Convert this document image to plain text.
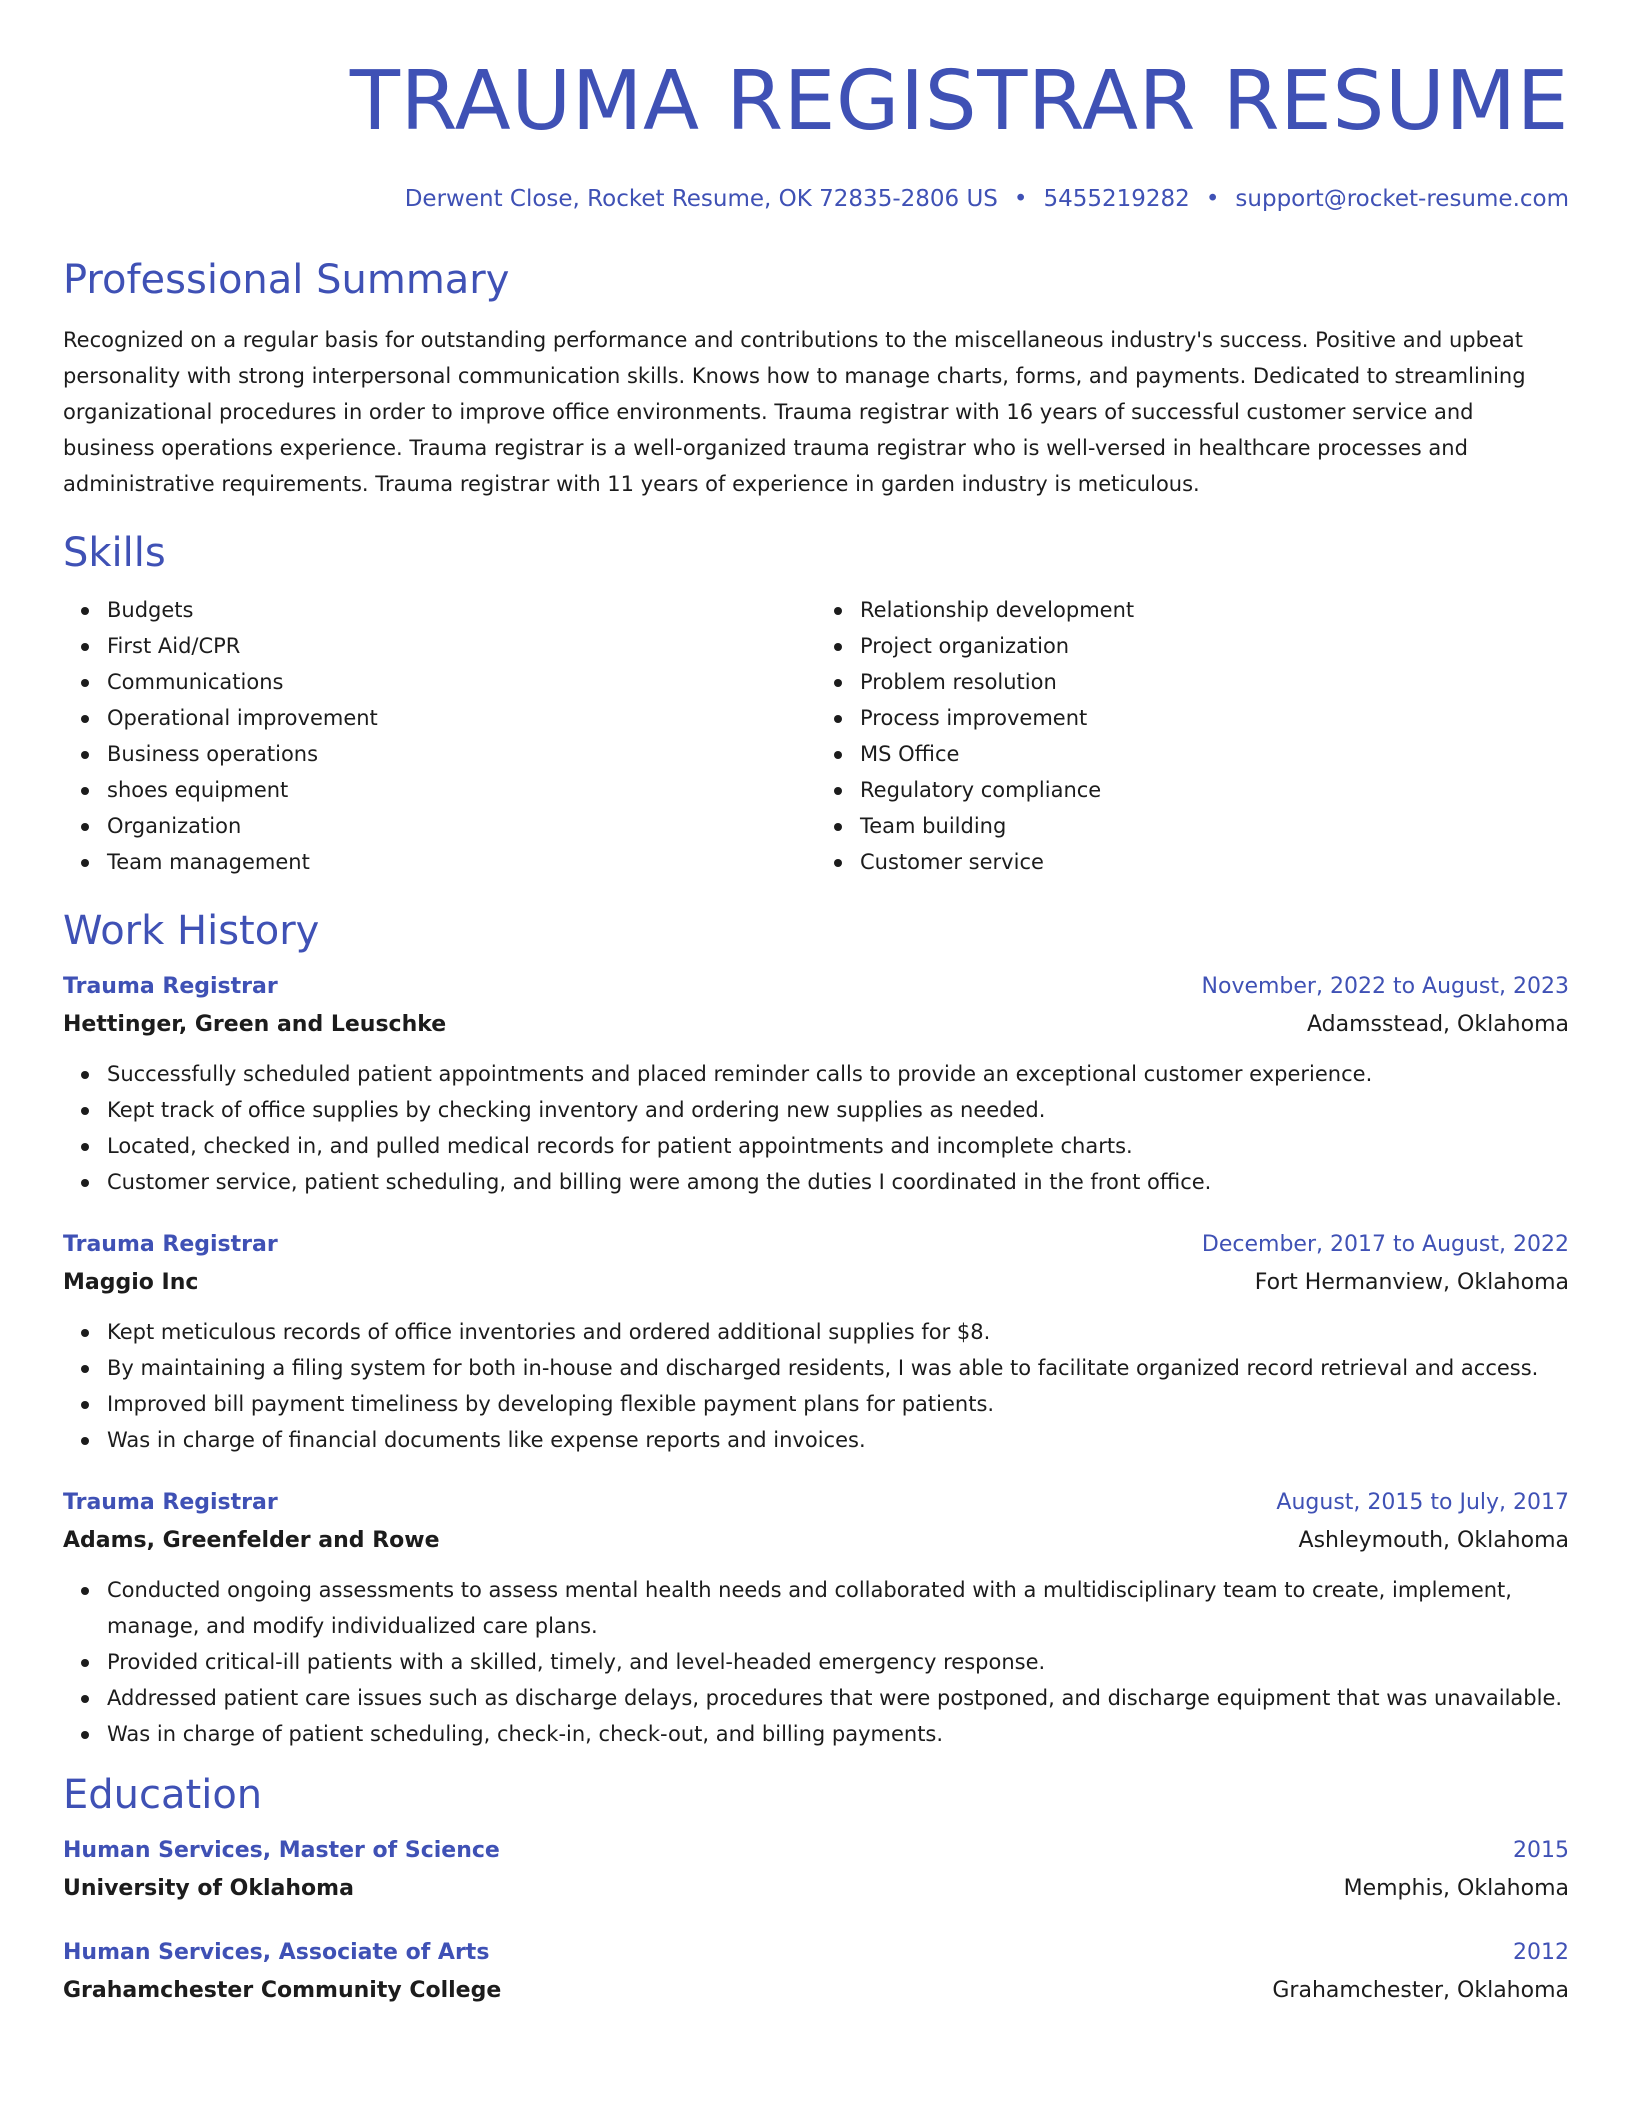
TRAUMA REGISTRAR RESUME
Derwent Close, Rocket Resume, OK 72835-2806 US • 5455219282 • support@rocket-resume.com
Professional Summary

Recognized on a regular basis for outstanding performance and contributions to the miscellaneous industry's success. Positive and upbeat personality with strong interpersonal communication skills. Knows how to manage charts, forms, and payments. Dedicated to streamlining organizational procedures in order to improve office environments. Trauma registrar with 16 years of successful customer service and business operations experience. Trauma registrar is a well-organized trauma registrar who is well-versed in healthcare processes and administrative requirements. Trauma registrar with 11 years of experience in garden industry is meticulous.

Skills
Budgets
First Aid/CPR
Communications
Operational improvement
Business operations
shoes equipment
Organization
Team management
Relationship development
Project organization
Problem resolution
Process improvement
MS Office
Regulatory compliance
Team building
Customer service
Work History
Trauma Registrar	November, 2022 to August, 2023
Hettinger, Green and Leuschke	Adamsstead, Oklahoma
Successfully scheduled patient appointments and placed reminder calls to provide an exceptional customer experience.
Kept track of office supplies by checking inventory and ordering new supplies as needed.
Located, checked in, and pulled medical records for patient appointments and incomplete charts.
Customer service, patient scheduling, and billing were among the duties I coordinated in the front office.
Trauma Registrar	December, 2017 to August, 2022
Maggio Inc	Fort Hermanview, Oklahoma
Kept meticulous records of office inventories and ordered additional supplies for $8.
By maintaining a filing system for both in-house and discharged residents, I was able to facilitate organized record retrieval and access.
Improved bill payment timeliness by developing flexible payment plans for patients.
Was in charge of financial documents like expense reports and invoices.
Trauma Registrar	August, 2015 to July, 2017
Adams, Greenfelder and Rowe	Ashleymouth, Oklahoma
Conducted ongoing assessments to assess mental health needs and collaborated with a multidisciplinary team to create, implement, manage, and modify individualized care plans.
Provided critical-ill patients with a skilled, timely, and level-headed emergency response.
Addressed patient care issues such as discharge delays, procedures that were postponed, and discharge equipment that was unavailable.
Was in charge of patient scheduling, check-in, check-out, and billing payments.
Education
Human Services, Master of Science	2015
University of Oklahoma	Memphis, Oklahoma
Human Services, Associate of Arts	2012
Grahamchester Community College	Grahamchester, Oklahoma
